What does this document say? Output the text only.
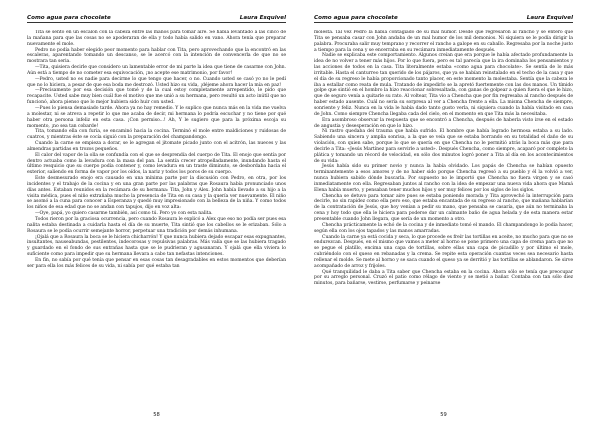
Como agua para chocolate	Laura Esquivel

Tita se sentó en un escalón con la cabeza entre las manos para tomar aire. Se había levantado a las cinco de la mañana para que las cosas no se apoderaran de ella y todo había salido en vano. Ahora tenía que preparar nuevamente el mole.

Pedro no podía haber elegido peor momento para hablar con Tita, pero aprovechando que la encontró en las escaleras, aparentando tomando un descanso, se le acercó con la intención de convencerla de que no se mostrara tan seria.

—Tita, quisiera decirle que considero un lamentable error de mi parte la idea que tiene de casarme con John. Aún está a tiempo de no cometer esa equivocación, ¡no acepte ese matrimonio, por favor!

—Pedro, usted no es nadie para decirme lo que tengo que hacer, o no. Cuando usted se casó yo no le pedí que no lo hiciera, a pesar de que esa boda me destrozó. Usted hizo su vida, ¡déjeme ahora hacer la mía en paz!

—Precisamente por esa decisión que tomé y de la cual estoy completamente arrepentido, le pido que recapacite. Usted sabe muy bien cuál fue el motivo que me unió a su hermana, pero resultó un acto inútil que no funcionó, ahora pienso que lo mejor hubiera sido huir con usted.

—Pues lo piensa demasiado tarde. Ahora ya no hay remedio. Y le suplico que nunca más en la vida me vuelva a molestar, ni se atreva a repetir lo que me acaba de decir, mi hermana lo podría escuchar y no tiene por qué haber otra persona infeliz en esta casa. ¡Con permiso...! Ah, Y le sugiero que para la próxima escoja su momento, ¡no sea tan cobarde!

Tita, tomando ella con furia, se encaminó hacia la cocina. Terminó el mole entre maldiciones y ruidosas de cuatros, y mientras éste se cocía siguió con la preparación del champandongo.

Cuando la carne se empieza a dorar, se le agregan el jitomate picado junto con el acitrón, las nueces y las almendras partidas en trozos pequeños.

El calor del vapor de la olla se confundía con el que se desprendía del cuerpo de Tita. El enojo que sentía por dentro actuaba como la levadura con la masa del pan. La sentía crecer atropelladamente, inundando hasta el último resquicio que su cuerpo podía contener y, como levadura en un traste diminuto, se desbordaba hacia el exterior, saliendo en forma de vapor por los oídos, la nariz y todos los poros de su cuerpo.

Este desmesurado enojo era causado en una mínima parte por la discusión con Pedro, en otra, por los incidentes y el trabajo de la cocina y en una gran parte por las palabras que Rosaura había pronunciado unos días antes. Estaban reunidos en la recámara de su hermana: Tita, John y Alex. John había llevado a su hijo a la visita médica, pues el niño extrañaba mucho la presencia de Tita en su casa y la quería ver nuevamente. El niño se asomó a la cuna para conocer a Esperanza y quedó muy impresionado con la belleza de la niña. Y como todos los niños de esa edad que no se andan con tapujos, dijo en voz alta:

—Oye, papá, yo quiero casarme también, así como tú. Pero yo con esta nalita.

Todos rieron por la graciosa ocurrencia, pero cuando Rosaura le explicó a Alex que eso no podía ser pues esa nalita estaba destinada a cuidarla hasta el día de su muerte, Tita sintió que los cabellos se le erizaban. Sólo a Rosaura se le podía ocurrir semejante horror, perpetuar una tradición por demás inhumana.

¡Ojalá que a Rosaura la boca se le hiciera chicharrón! Y que nunca hubiera dejado escapar esas expugnantes, insultantes, nauseabundas, pestilentes, indecorosas y repulsivas palabras. Más valía que se las hubiera tragado y guardado en el fondo de sus entrañas hasta que se le pudrieran y agusanaran. Y ojalá que ella viviera lo suficiente como para impedir que su hermana llevara a cabo tan nefastas intenciones.

En fin, no sabía por qué tenía que pensar en esas cosas tan desagradables en estos momentos que deberían ser para ella los más felices de su vida, ni sabía por qué estaba tan

58
Como agua para chocolate	Laura Esquivel

molesta. Tal vez Pedro la había contagiado de su mal humor. Desde que regresaron al rancho y se enteró que Tita se pensaba casar con John andaba de un mal humor de los mil demonios. Ni siquiera se le podía dirigir la palabra. Procuraba salir muy temprano y recorrer el rancho a galope en su caballo. Regresaba por la noche justo a tiempo para la cena y se encerraba en su recámara inmediatamente después.

Nadie se explicaba este comportamiento. Algunos creían que era porque le había afectado profundamente la idea de no volver a tener más hijos. Por lo que fuera, pero es tal parecía que la ira dominaba los pensamientos y las acciones de todos en la casa. Tita literalmente estaba «como agua para chocolate». Se sentía de lo más irritable. Hasta el canturreo tan querido de los pájaros, que ya se habían reinstalado en el techo de la casa y que el día de su regreso le había proporcionado tanto placer, en este momento la molestaba. Sentía que la cabeza le iba a estallar como reata de mula. Tratando de impedirlo se la apretó fuertemente con las dos manos. Un tímido golpe que sintió en el hombro la hizo reaccionar sobresaltada, con ganas de golpear a quien fuera el que le hizo, que de seguro venía a quitarle su rato. Al voltear, Tita vio a Chencha que por fin regresaba al rancho después de haber estado ausente. Cuál no sería su sorpresa al ver a Chencha frente a ella. La misma Chencha de siempre, sonriente y feliz. Nunca en la vida le había dado tanto gusto verla, ni siquiera cuando la había visitado en casa de John. Como siempre Chencha llegaba cada del cielo, en el momento en que Tita más la necesitaba.

Era asombroso observar la respuesta que se encontró a Chencha, después de haberla visto irse en el estado de angustia y desesperación en que lo hizo.

Ni rastro quedaba del trauma que había sufrido. El hombre que había logrado hermosa estaba a su lado. Sabiendo una sincera y amplia sonrisa, a la que se veía que se estaba borrando en su totalidad el daño de su violación, con quien sabe, porque lo que se quería en que Chencha no le permitió atrás la boca más que para decirle a Tita: «Jesús Martínez para servirle a usted». Después Chencha, como siempre, acaparó por completo la plática y tomando un récord de velocidad, en sólo dos minutos logró poner a Tita al día en los acontecimientos de su vida:

Jesús había sido su primer novio y nunca la había olvidado. Los papás de Chencha se habían opuesto terminantemente a esos amores y de no haber sido porque Chencha regresó a su pueblo y él la volvió a ver, nunca hubiera sabido dónde buscarla. Por supuesto no le importó que Chencha no fuera virgen y se casó inmediatamente con ella. Regresaban juntos al rancho con la idea de empezar una nueva vida ahora que Mamá Elena había muerto, y pensaban tener muchos hijos y ser muy felices por los siglos de los siglos.

Chencha se detuvo para tomar aire pues se estaba poniendo morada y Tita aprovechó la interrupción para decirle, no sin rapidez como ella pero eso, que estaba encantada de su regreso al rancho, que mañana hablarían de la contratación de Jesús, que hoy venían a pedir su mano, que pensaba se casaría, que aún no terminaba la cena y hoy todo que ella le hiciera para poderse dar un calmante baño de agua helada y de esta manera estar presentable cuando John llegara, que sería de un momento a otro.

Chencha prácticamente la echó de la cocina y de inmediato tomó el mando. El champandongo lo podía hacer, según ella con los ojos tapados y las manos amarradas.

Cuando la carne ya está cocida y seca, lo que procede es freír las tortillas en aceite, no mucho para que no se endurezcan. Después, en el mismo que vamos a meter al horno se pone primero una capa de crema para que no se pegue el platillo, encima una capa de tortillas, sobre ellas una capa de picadillo y por último el mole, cubriéndolo con el queso en rebanadas y la crema. Se repite esta operación cuantas veces sea necesario hasta rellenar el molde. Se mete al horno y se saca cuando el queso ya se derritió y las tortillas se ablandaron. Se sirve acompañado de arroz y frijoles.

Qué tranquilidad le daba a Tita saber que Chencha estaba en la cocina. Ahora sólo se tenía que preocupar por su arreglo personal. Cruzó el patio como rélago de viento y se metió a bañar. Contaba con tan sólo diez minutos, para bañarse, vestirse, perfumarse y peinarse

59
